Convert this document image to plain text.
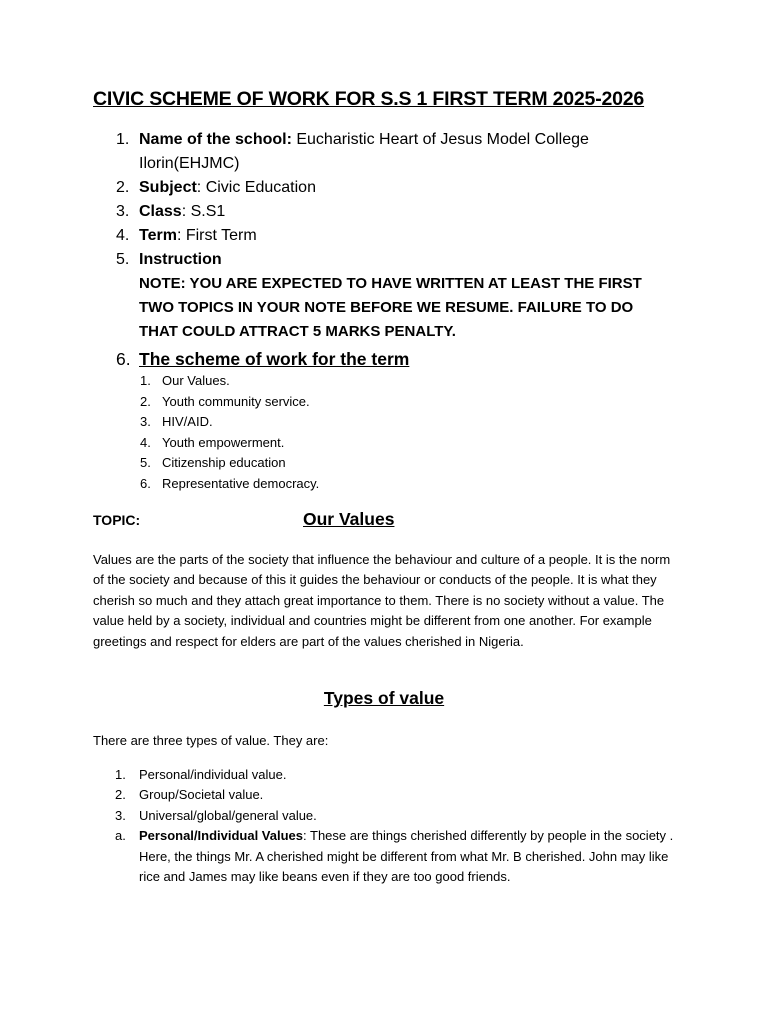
CIVIC SCHEME OF WORK FOR S.S 1 FIRST TERM 2025-2026
1. Name of the school: Eucharistic Heart of Jesus Model College Ilorin(EHJMC)
2. Subject: Civic Education
3. Class: S.S1
4. Term: First Term
5. Instruction
NOTE: YOU ARE EXPECTED TO HAVE WRITTEN AT LEAST THE FIRST TWO TOPICS IN YOUR NOTE BEFORE WE RESUME. FAILURE TO DO THAT COULD ATTRACT 5 MARKS PENALTY.
6. The scheme of work for the term
1. Our Values.
2. Youth community service.
3. HIV/AID.
4. Youth empowerment.
5. Citizenship education
6. Representative democracy.
TOPIC:	Our Values
Values are the parts of the society that influence the behaviour and culture of a people. It is the norm of the society and because of this it guides the behaviour or conducts of the people. It is what they cherish so much and they attach great importance to them. There is no society without a value. The value held by a society, individual and countries might be different from one another. For example greetings and respect for elders are part of the values cherished in Nigeria.
Types of value
There are three types of value. They are:
1. Personal/individual value.
2. Group/Societal value.
3. Universal/global/general value.
a. Personal/Individual Values: These are things cherished differently by people in the society . Here, the things Mr. A cherished might be different from what Mr. B cherished. John may like rice and James may like beans even if they are too good friends.
